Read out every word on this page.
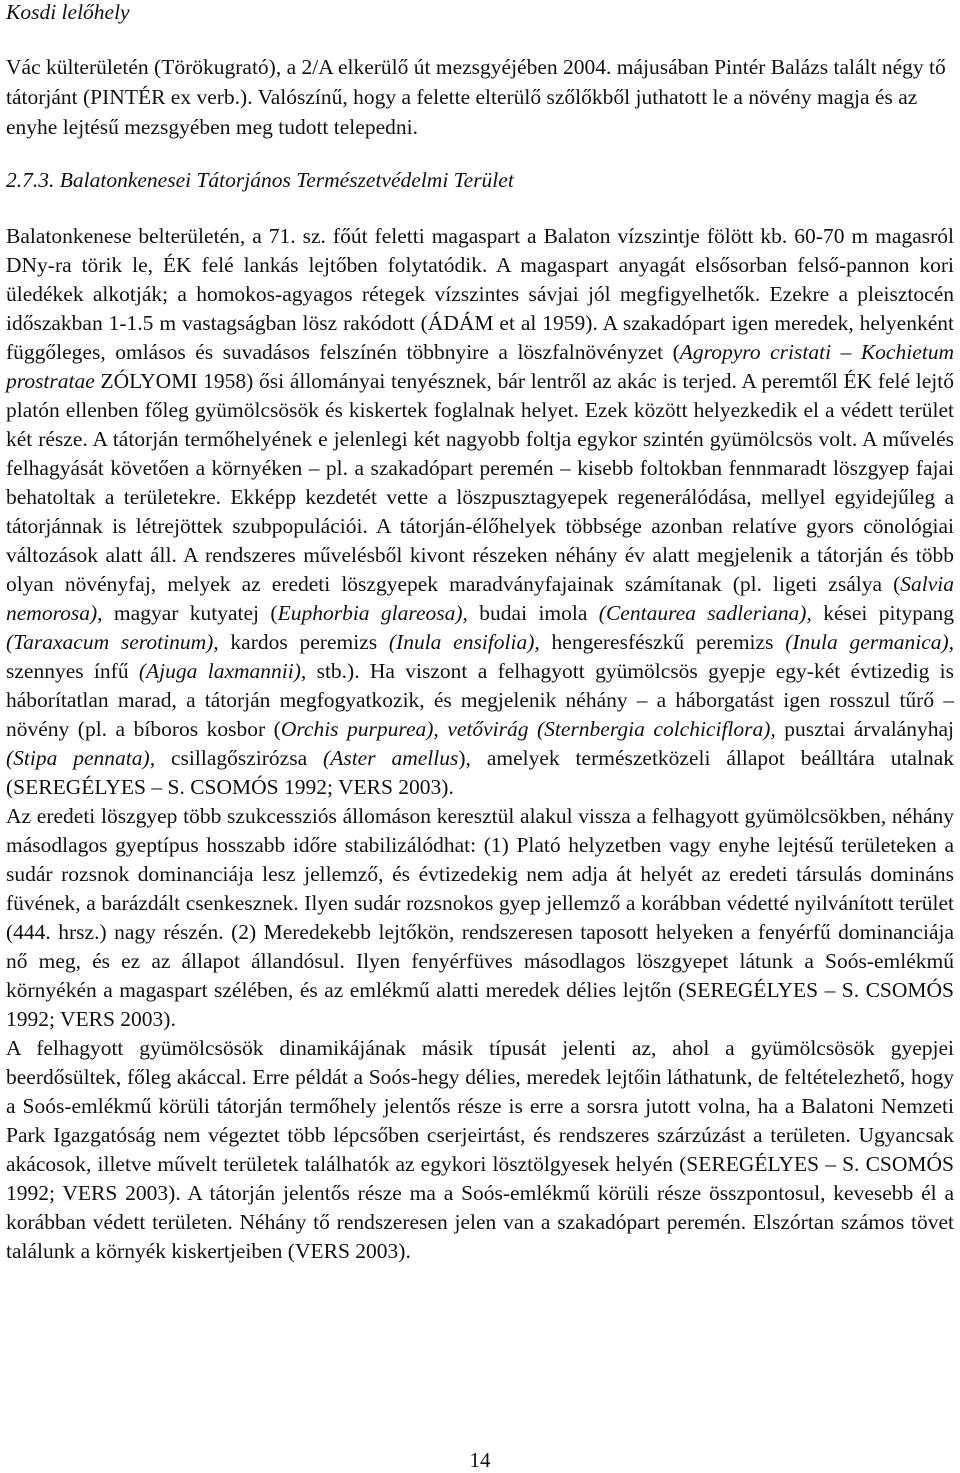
Kosdi lelőhely
Vác külterületén (Törökugrató), a 2/A elkerülő út mezsgyéjében 2004. májusában Pintér Balázs talált négy tő tátorjánt (PINTÉR ex verb.). Valószínű, hogy a felette elterülő szőlőkből juthatott le a növény magja és az enyhe lejtésű mezsgyében meg tudott telepedni.
2.7.3. Balatonkenesei Tátorjános Természetvédelmi Terület

Balatonkenese belterületén, a 71. sz. főút feletti magaspart a Balaton vízszintje fölött kb. 60-70 m magasról DNy-ra törik le, ÉK felé lankás lejtőben folytatódik. A magaspart anyagát elsősorban felső-pannon kori üledékek alkotják; a homokos-agyagos rétegek vízszintes sávjai jól megfigyelhetők. Ezekre a pleisztocén időszakban 1-1.5 m vastagságban lösz rakódott (ÁDÁM et al 1959). A szakadópart igen meredek, helyenként függőleges, omlásos és suvadásos felszínén többnyire a löszfalnövényzet (Agropyro cristati – Kochietum prostratae ZÓLYOMI 1958) ősi állományai tenyésznek, bár lentről az akác is terjed. A peremtől ÉK felé lejtő platón ellenben főleg gyümölcsösök és kiskertek foglalnak helyet. Ezek között helyezkedik el a védett terület két része. A tátorján termőhelyének e jelenlegi két nagyobb foltja egykor szintén gyümölcsös volt. A művelés felhagyását követően a környéken – pl. a szakadópart peremén – kisebb foltokban fennmaradt löszgyep fajai behatoltak a területekre. Ekképp kezdetét vette a löszpusztagyepek regenerálódása, mellyel egyidejűleg a tátorjánnak is létrejöttek szubpopulációi. A tátorján-élőhelyek többsége azonban relatíve gyors cönológiai változások alatt áll. A rendszeres művelésből kivont részeken néhány év alatt megjelenik a tátorján és több olyan növényfaj, melyek az eredeti löszgyepek maradványfajainak számítanak (pl. ligeti zsálya (Salvia nemorosa), magyar kutyatej (Euphorbia glareosa), budai imola (Centaurea sadleriana), kései pitypang (Taraxacum serotinum), kardos peremizs (Inula ensifolia), hengeresfészkű peremizs (Inula germanica), szennyes ínfű (Ajuga laxmannii), stb.). Ha viszont a felhagyott gyümölcsös gyepje egy-két évtizedig is háborítatlan marad, a tátorján megfogyatkozik, és megjelenik néhány – a háborgatást igen rosszul tűrő – növény (pl. a bíboros kosbor (Orchis purpurea), vetővirág (Sternbergia colchiciflora), pusztai árvalányhaj (Stipa pennata), csillagőszirózsa (Aster amellus), amelyek természetközeli állapot beálltára utalnak (SEREGÉLYES – S. CSOMÓS 1992; VERS 2003).

Az eredeti löszgyep több szukcessziós állomáson keresztül alakul vissza a felhagyott gyümölcsökben, néhány másodlagos gyeptípus hosszabb időre stabilizálódhat: (1) Plató helyzetben vagy enyhe lejtésű területeken a sudár rozsnok dominanciája lesz jellemző, és évtizedekig nem adja át helyét az eredeti társulás domináns füvének, a barázdált csenkesznek. Ilyen sudár rozsnokos gyep jellemző a korábban védetté nyilvánított terület (444. hrsz.) nagy részén. (2) Meredekebb lejtőkön, rendszeresen taposott helyeken a fenyérfű dominanciája nő meg, és ez az állapot állandósul. Ilyen fenyérfüves másodlagos löszgyepet látunk a Soós-emlékmű környékén a magaspart szélében, és az emlékmű alatti meredek délies lejtőn (SEREGÉLYES – S. CSOMÓS 1992; VERS 2003).

A felhagyott gyümölcsösök dinamikájának másik típusát jelenti az, ahol a gyümölcsösök gyepjei beerdősültek, főleg akáccal. Erre példát a Soós-hegy délies, meredek lejtőin láthatunk, de feltételezhető, hogy a Soós-emlékmű körüli tátorján termőhely jelentős része is erre a sorsra jutott volna, ha a Balatoni Nemzeti Park Igazgatóság nem végeztet több lépcsőben cserjeirtást, és rendszeres szárzúzást a területen. Ugyancsak akácosok, illetve művelt területek találhatók az egykori lösztölgyesek helyén (SEREGÉLYES – S. CSOMÓS 1992; VERS 2003). A tátorján jelentős része ma a Soós-emlékmű körüli része összpontosul, kevesebb él a korábban védett területen. Néhány tő rendszeresen jelen van a szakadópart peremén. Elszórtan számos tövet találunk a környék kiskertjeiben (VERS 2003).

14
